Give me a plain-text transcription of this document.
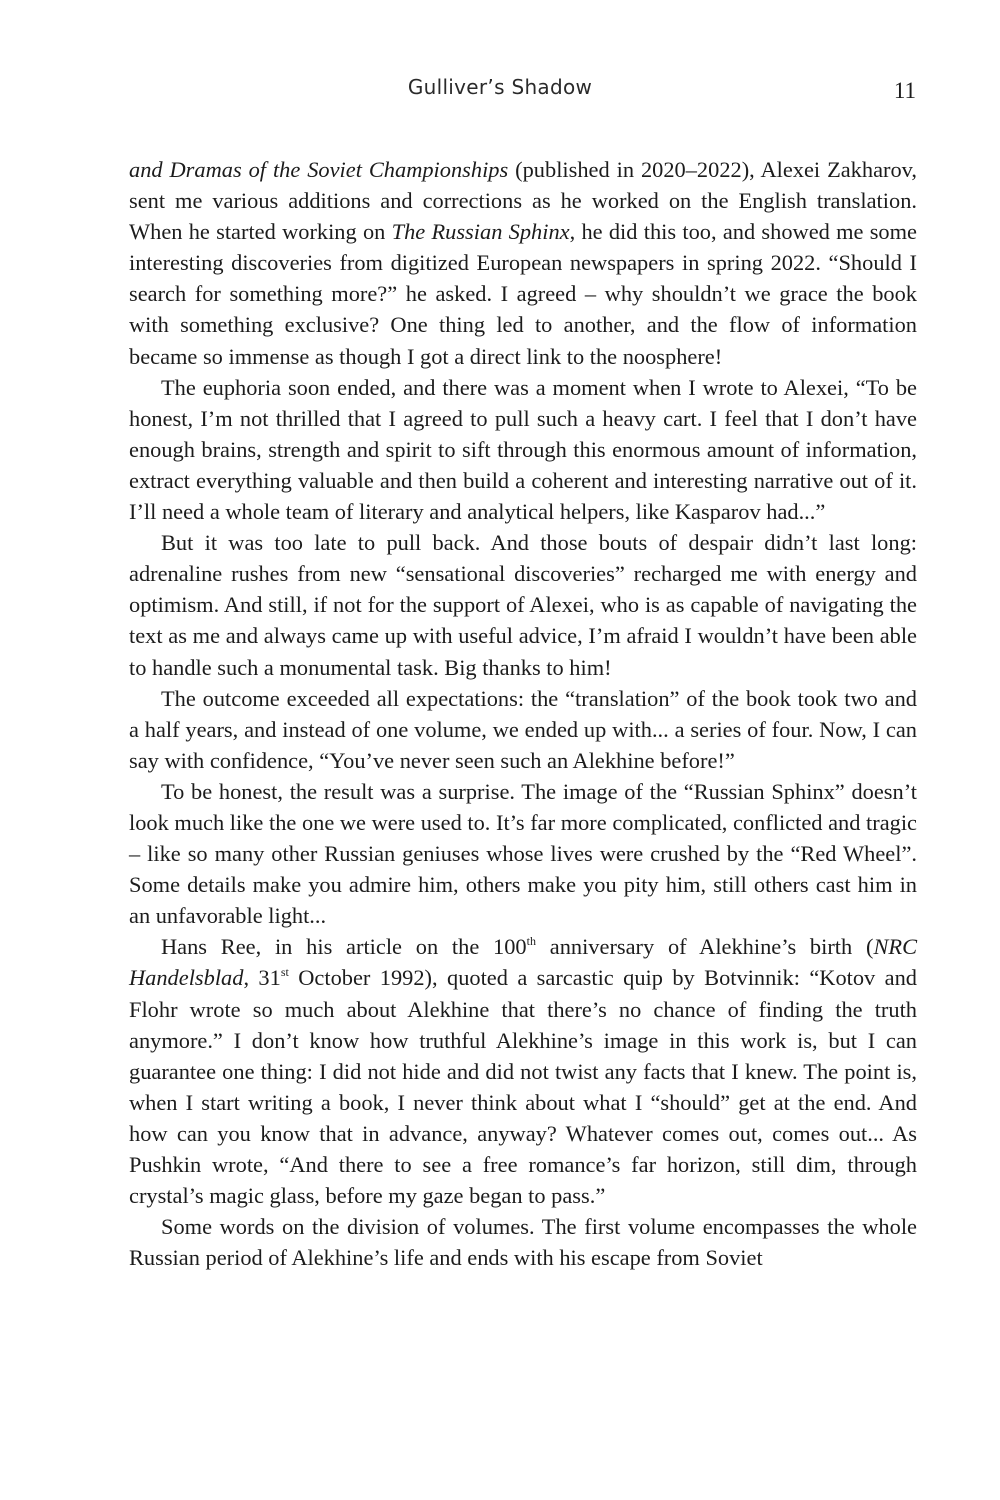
Gulliver’s Shadow	11

and Dramas of the Soviet Championships (published in 2020–2022), Alexei Zakharov, sent me various additions and corrections as he worked on the English translation. When he started working on The Russian Sphinx, he did this too, and showed me some interesting discoveries from digitized European newspapers in spring 2022. “Should I search for something more?” he asked. I agreed – why shouldn’t we grace the book with something exclusive? One thing led to another, and the flow of information became so immense as though I got a direct link to the noosphere!

The euphoria soon ended, and there was a moment when I wrote to Alexei, “To be honest, I’m not thrilled that I agreed to pull such a heavy cart. I feel that I don’t have enough brains, strength and spirit to sift through this enormous amount of information, extract everything valuable and then build a coherent and interesting narrative out of it. I’ll need a whole team of literary and analytical helpers, like Kasparov had...”

But it was too late to pull back. And those bouts of despair didn’t last long: adrenaline rushes from new “sensational discoveries” recharged me with energy and optimism. And still, if not for the support of Alexei, who is as capable of navigating the text as me and always came up with useful advice, I’m afraid I wouldn’t have been able to handle such a monumental task. Big thanks to him!

The outcome exceeded all expectations: the “translation” of the book took two and a half years, and instead of one volume, we ended up with... a series of four. Now, I can say with confidence, “You’ve never seen such an Alekhine before!”

To be honest, the result was a surprise. The image of the “Russian Sphinx” doesn’t look much like the one we were used to. It’s far more complicated, conflicted and tragic – like so many other Russian geniuses whose lives were crushed by the “Red Wheel”. Some details make you admire him, others make you pity him, still others cast him in an unfavorable light...

Hans Ree, in his article on the 100th anniversary of Alekhine’s birth (NRC Handelsblad, 31st October 1992), quoted a sarcastic quip by Botvinnik: “Kotov and Flohr wrote so much about Alekhine that there’s no chance of finding the truth anymore.” I don’t know how truthful Alekhine’s image in this work is, but I can guarantee one thing: I did not hide and did not twist any facts that I knew. The point is, when I start writing a book, I never think about what I “should” get at the end. And how can you know that in advance, anyway? Whatever comes out, comes out... As Pushkin wrote, “And there to see a free romance’s far horizon, still dim, through crystal’s magic glass, before my gaze began to pass.”

Some words on the division of volumes. The first volume encompasses the whole Russian period of Alekhine’s life and ends with his escape from Soviet
